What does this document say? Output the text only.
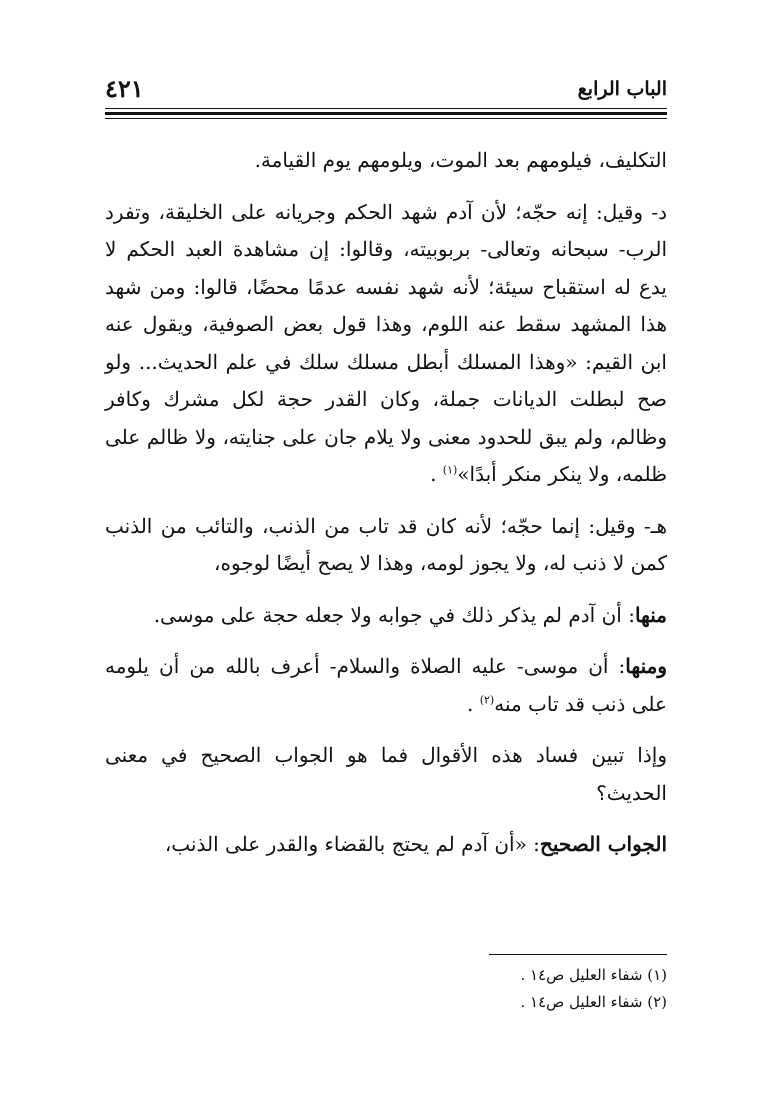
الباب الرابع
٤٢١

التكليف، فيلومهم بعد الموت، ويلومهم يوم القيامة.

د- وقيل: إنه حجّه؛ لأن آدم شهد الحكم وجريانه على الخليقة، وتفرد الرب- سبحانه وتعالى- بربوبيته، وقالوا: إن مشاهدة العبد الحكم لا يدع له استقباح سيئة؛ لأنه شهد نفسه عدمًا محضًا، قالوا: ومن شهد هذا المشهد سقط عنه اللوم، وهذا قول بعض الصوفية، ويقول عنه ابن القيم: «وهذا المسلك أبطل مسلك سلك في علم الحديث... ولو صح لبطلت الديانات جملة، وكان القدر حجة لكل مشرك وكافر وظالم، ولم يبق للحدود معنى ولا يلام جان على جنايته، ولا ظالم على ظلمه، ولا ينكر منكر أبدًا»$^{(١)}$ .

هـ- وقيل: إنما حجّه؛ لأنه كان قد تاب من الذنب، والتائب من الذنب كمن لا ذنب له، ولا يجوز لومه، وهذا لا يصح أيضًا لوجوه،

منها: أن آدم لم يذكر ذلك في جوابه ولا جعله حجة على موسى.

ومنها: أن موسى- عليه الصلاة والسلام- أعرف بالله من أن يلومه على ذنب قد تاب منه$^{(٢)}$ .

وإذا تبين فساد هذه الأقوال فما هو الجواب الصحيح في معنى الحديث؟

الجواب الصحيح: «أن آدم لم يحتج بالقضاء والقدر على الذنب،

(١) شفاء العليل ص١٤ .

(٢) شفاء العليل ص١٤ .
